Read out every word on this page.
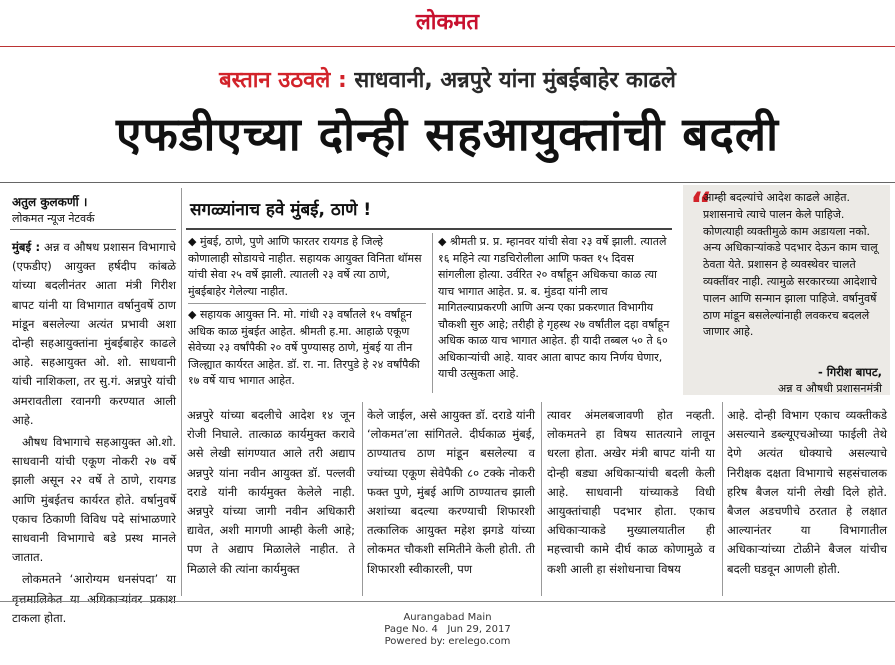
लोकमत
बस्तान उठवले : साधवानी, अन्नपुरे यांना मुंबईबाहेर काढले
एफडीएच्या दोन्ही सहआयुक्तांची बदली
अतुल कुलकर्णी ।
लोकमत न्यूज नेटवर्क

मुंबई : अन्न व औषध प्रशासन विभागाचे (एफडीए) आयुक्त हर्षदीप कांबळे यांच्या बदलीनंतर आता मंत्री गिरीश बापट यांनी या विभागात वर्षानुवर्षे ठाण मांडून बसलेल्या अत्यंत प्रभावी अशा दोन्ही सहआयुक्तांना मुंबईबाहेर काढले आहे. सहआयुक्त ओ. शो. साधवानी यांची नाशिकला, तर सु.गं. अन्नपुरे यांची अमरावतीला रवानगी करण्यात आली आहे.

औषध विभागाचे सहआयुक्त ओ.शो. साधवानी यांची एकूण नोकरी २७ वर्षे झाली असून २२ वर्षे ते ठाणे, रायगड आणि मुंबईतच कार्यरत होते. वर्षानुवर्षे एकाच ठिकाणी विविध पदे सांभाळणारे साधवानी विभागाचे बडे प्रस्थ मानले जातात.

लोकमतने ‘आरोग्यम धनसंपदा’ या वृत्तमालिकेत या अधिकाऱ्यांवर प्रकाश टाकला होता.

सगळ्यांनाच हवे मुंबई, ठाणे !

◆ मुंबई, ठाणे, पुणे आणि फारतर रायगड हे जिल्हे कोणालाही सोडायचे नाहीत. सहायक आयुक्त विनिता थॉमस यांची सेवा २५ वर्षे झाली. त्यातली २३ वर्षे त्या ठाणे, मुंबईबाहेर गेलेल्या नाहीत.

◆ सहायक आयुक्त नि. मो. गांधी २३ वर्षांतले १५ वर्षांहून अधिक काळ मुंबईत आहेत. श्रीमती ह.मा. आहाळे एकूण सेवेच्या २३ वर्षांपैकी २० वर्षे पुण्यासह ठाणे, मुंबई या तीन जिल्ह्यात कार्यरत आहेत. डॉ. रा. ना. तिरपुडे हे २४ वर्षांपैकी १७ वर्षे याच भागात आहेत.

◆ श्रीमती प्र. प्र. म्हानवर यांची सेवा २३ वर्षे झाली. त्यातले १६ महिने त्या गडचिरोलीला आणि फक्त १५ दिवस सांगलीला होत्या. उर्वरित २० वर्षांहून अधिकचा काळ त्या याच भागात आहेत. प्र. ब. मुंडदा यांनी लाच मागितल्याप्रकरणी आणि अन्य एका प्रकरणात विभागीय चौकशी सुरु आहे; तरीही हे गृहस्थ २७ वर्षांतील दहा वर्षांहून अधिक काळ याच भागात आहेत. ही यादी तब्बल ५० ते ६० अधिकाऱ्यांची आहे. यावर आता बापट काय निर्णय घेणार, याची उत्सुकता आहे.

“
आम्ही बदल्यांचे आदेश काढले आहेत. प्रशासनाचे त्याचे पालन केले पाहिजे. कोणत्याही व्यक्तीमुळे काम अडायला नको. अन्य अधिकाऱ्यांकडे पदभार देऊन काम चालू ठेवता येते. प्रशासन हे व्यवस्थेवर चालते व्यक्तींवर नाही. त्यामुळे सरकारच्या आदेशाचे पालन आणि सन्मान झाला पाहिजे. वर्षानुवर्षे ठाण मांडून बसलेल्यांनाही लवकरच बदलले जाणार आहे.
- गिरीश बापट,
अन्न व औषधी प्रशासनमंत्री

अन्नपुरे यांच्या बदलीचे आदेश १४ जून रोजी निघाले. तात्काळ कार्यमुक्त करावे असे लेखी सांगण्यात आले तरी अद्याप अन्नपुरे यांना नवीन आयुक्त डॉ. पल्लवी दराडे यांनी कार्यमुक्त केलेले नाही. अन्नपुरे यांच्या जागी नवीन अधिकारी द्यावेत, अशी मागणी आम्ही केली आहे; पण ते अद्याप मिळालेले नाहीत. ते मिळाले की त्यांना कार्यमुक्त

केले जाईल, असे आयुक्त डॉ. दराडे यांनी ‘लोकमत’ला सांगितले. दीर्घकाळ मुंबई, ठाण्यातच ठाण मांडून बसलेल्या व ज्यांच्या एकूण सेवेपैकी ८० टक्के नोकरी फक्त पुणे, मुंबई आणि ठाण्यातच झाली अशांच्या बदल्या करण्याची शिफारशी तत्कालिक आयुक्त महेश झगडे यांच्या लोकमत चौकशी समितीने केली होती. ती शिफारशी स्वीकारली, पण

त्यावर अंमलबजावणी होत नव्हती. लोकमतने हा विषय सातत्याने लावून धरला होता. अखेर मंत्री बापट यांनी या दोन्ही बड्या अधिकाऱ्यांची बदली केली आहे. साधवानी यांच्याकडे विधी आयुक्तांचाही पदभार होता. एकाच अधिकाऱ्याकडे मुख्यालयातील ही महत्त्वाची कामे दीर्घ काळ कोणामुळे व कशी आली हा संशोधनाचा विषय

आहे. दोन्ही विभाग एकाच व्यक्तीकडे असल्याने डब्ल्यूएचओच्या फाईली तेथे देणे अत्यंत धोक्याचे असल्याचे निरीक्षक दक्षता विभागाचे सहसंचालक हरिष बैजल यांनी लेखी दिले होते. बैजल अडचणीचे ठरतात हे लक्षात आल्यानंतर या विभागातील अधिकाऱ्यांच्या टोळीने बैजल यांचीच बदली घडवून आणली होती.

Aurangabad Main
Page No. 4 Jun 29, 2017
Powered by: erelego.com
